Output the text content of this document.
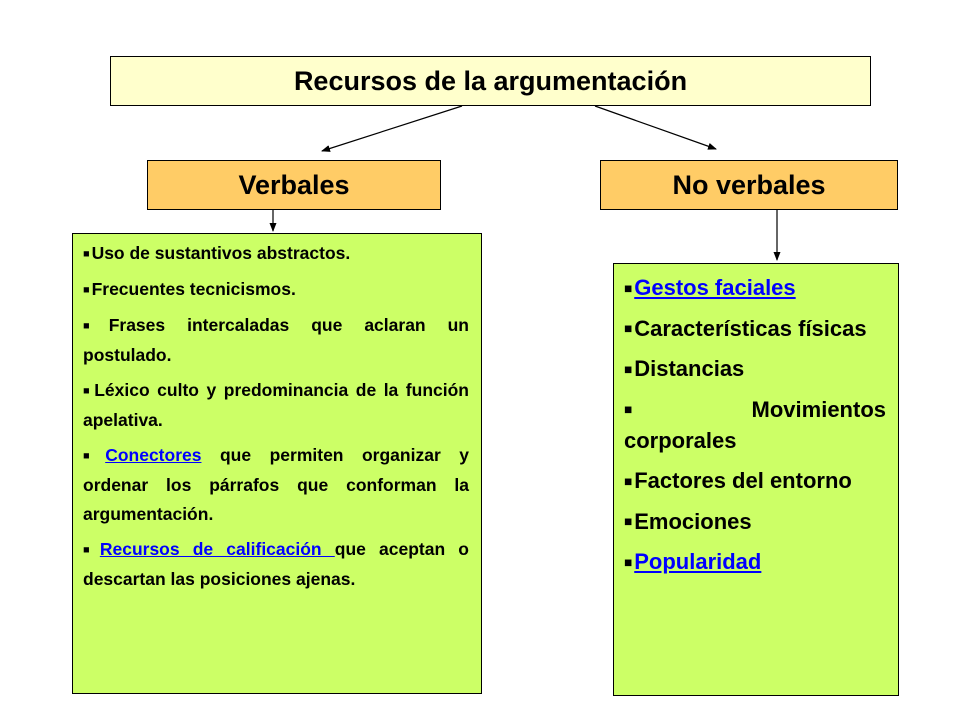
Recursos de la argumentación
Verbales	No verbales
■ Uso de sustantivos abstractos.
■ Frecuentes tecnicismos.
■ Frases intercaladas que aclaran un postulado.
■ Léxico culto y predominancia de la función apelativa.
■ Conectores que permiten organizar y ordenar los párrafos que conforman la argumentación.
■ Recursos de calificación que aceptan o descartan las posiciones ajenas.
■Gestos faciales
■Características físicas
■Distancias
■Movimientos corporales
■Factores del entorno
■Emociones
■Popularidad
